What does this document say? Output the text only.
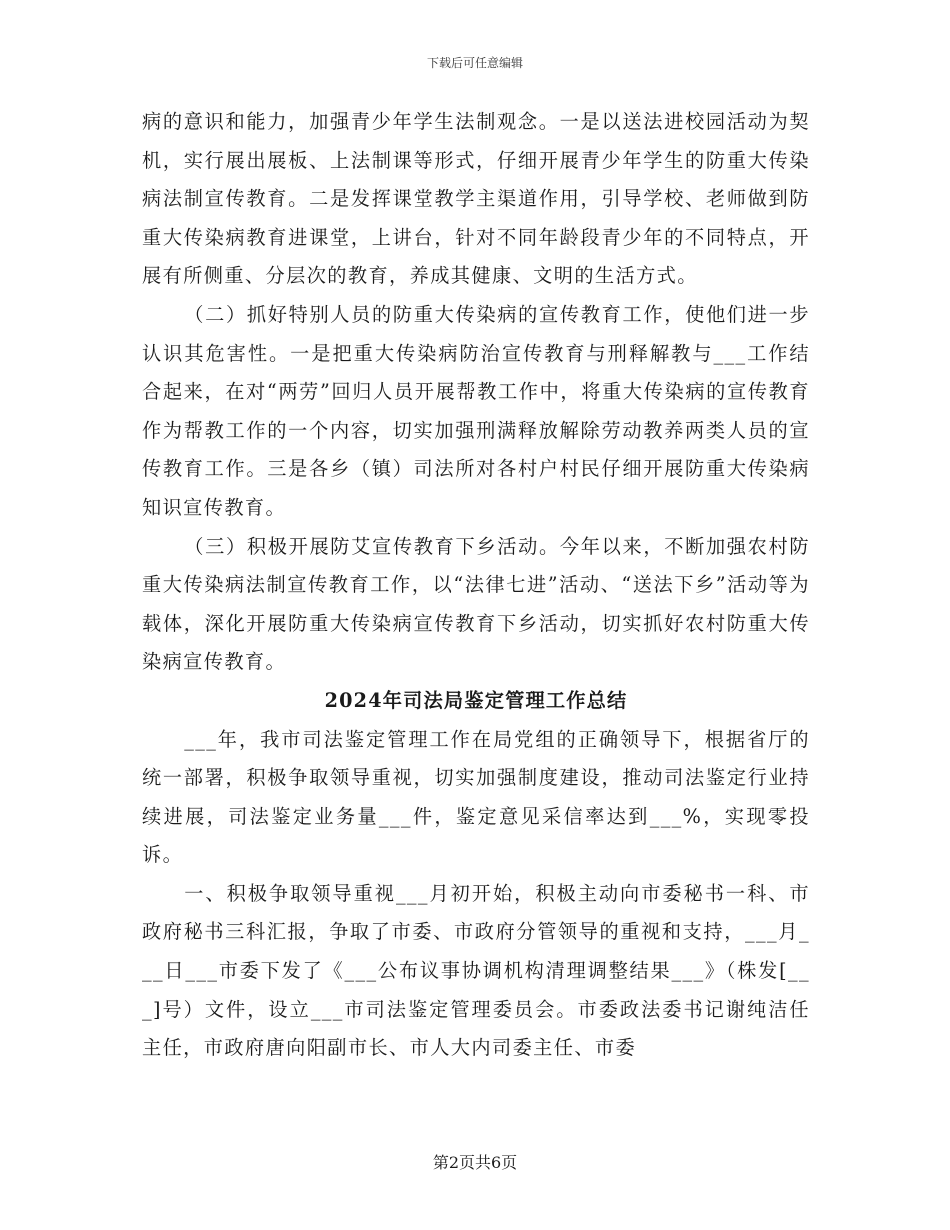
下载后可任意编辑

病的意识和能力，加强青少年学生法制观念。一是以送法进校园活动为契机，实行展出展板、上法制课等形式，仔细开展青少年学生的防重大传染病法制宣传教育。二是发挥课堂教学主渠道作用，引导学校、老师做到防重大传染病教育进课堂，上讲台，针对不同年龄段青少年的不同特点，开展有所侧重、分层次的教育，养成其健康、文明的生活方式。

（二）抓好特别人员的防重大传染病的宣传教育工作，使他们进一步认识其危害性。一是把重大传染病防治宣传教育与刑释解教与___工作结合起来，在对“两劳”回归人员开展帮教工作中，将重大传染病的宣传教育作为帮教工作的一个内容，切实加强刑满释放解除劳动教养两类人员的宣传教育工作。三是各乡（镇）司法所对各村户村民仔细开展防重大传染病知识宣传教育。

（三）积极开展防艾宣传教育下乡活动。今年以来，不断加强农村防重大传染病法制宣传教育工作，以“法律七进”活动、“送法下乡”活动等为载体，深化开展防重大传染病宣传教育下乡活动，切实抓好农村防重大传染病宣传教育。

2024年司法局鉴定管理工作总结

___年，我市司法鉴定管理工作在局党组的正确领导下，根据省厅的统一部署，积极争取领导重视，切实加强制度建设，推动司法鉴定行业持续进展，司法鉴定业务量___件，鉴定意见采信率达到___%，实现零投诉。

一、积极争取领导重视___月初开始，积极主动向市委秘书一科、市政府秘书三科汇报，争取了市委、市政府分管领导的重视和支持，___月___日___市委下发了《___公布议事协调机构清理调整结果___》（株发[___]号）文件，设立___市司法鉴定管理委员会。市委政法委书记谢纯洁任主任，市政府唐向阳副市长、市人大内司委主任、市委

第2页共6页
